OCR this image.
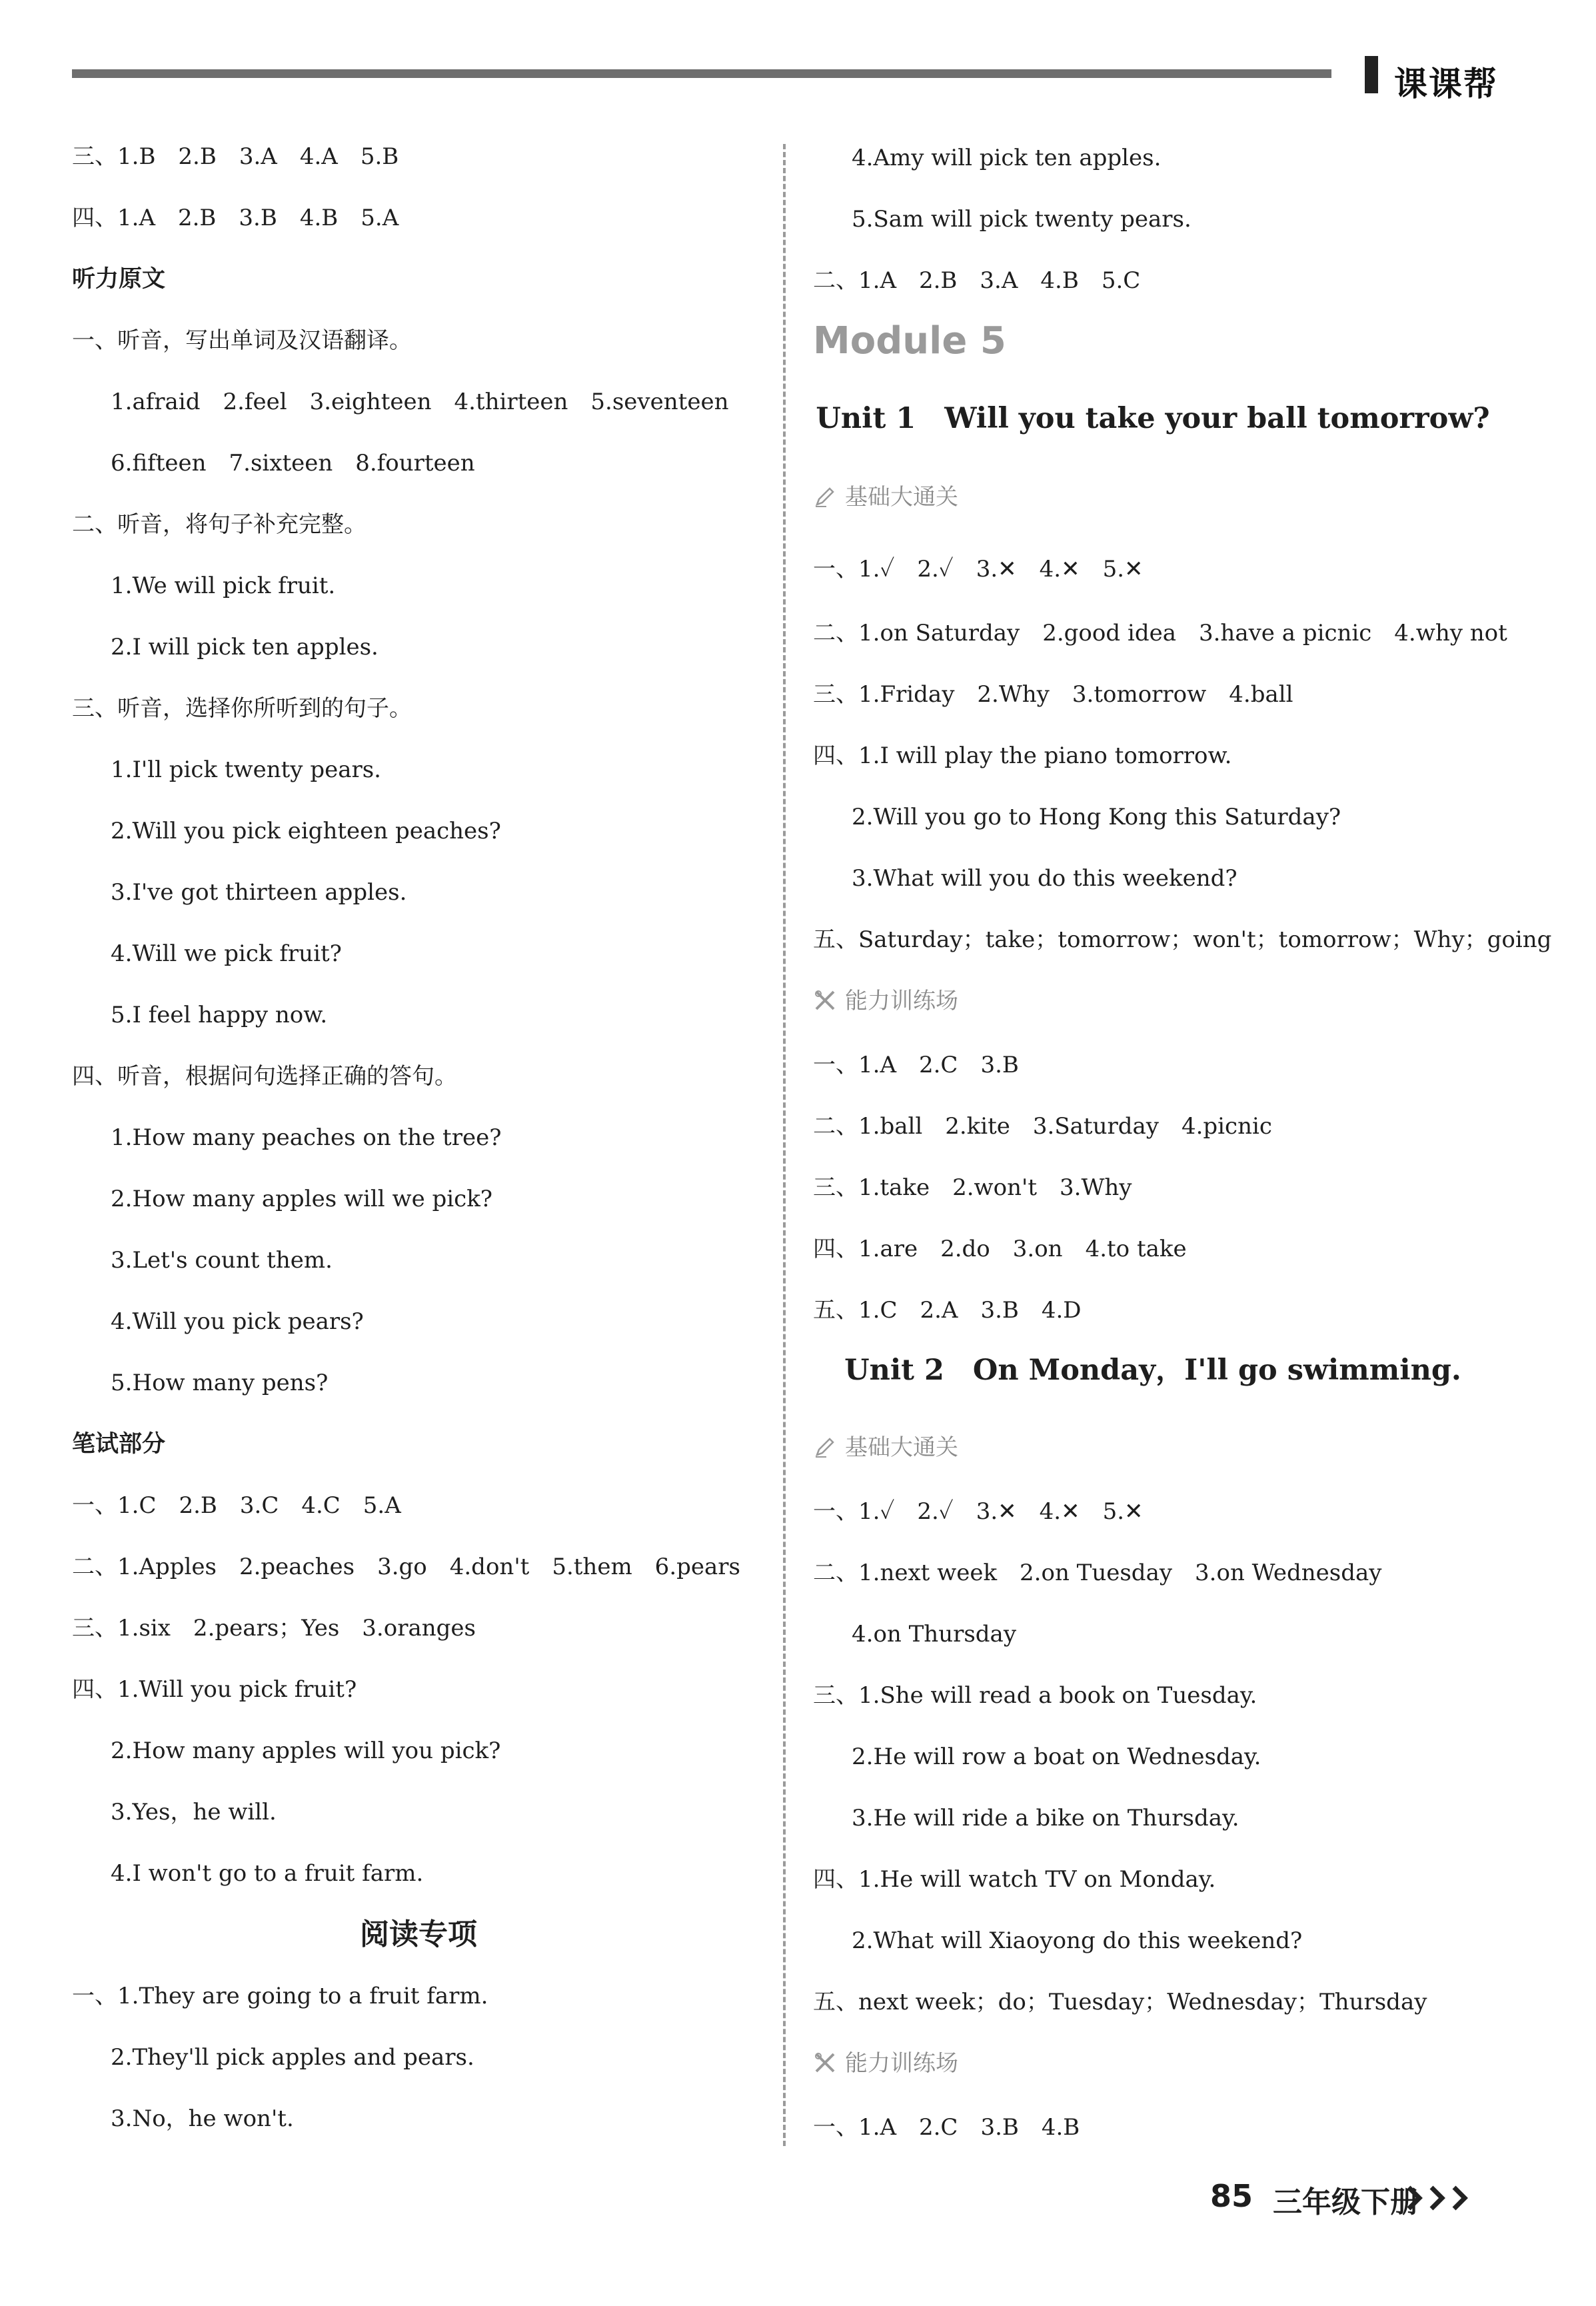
课课帮
三、1.B　2.B　3.A　4.A　5.B
四、1.A　2.B　3.B　4.B　5.A
听力原文
一、听音，写出单词及汉语翻译。
1.afraid　2.feel　3.eighteen　4.thirteen　5.seventeen
6.fifteen　7.sixteen　8.fourteen
二、听音，将句子补充完整。
1.We will pick fruit.
2.I will pick ten apples.
三、听音，选择你所听到的句子。
1.I'll pick twenty pears.
2.Will you pick eighteen peaches?
3.I've got thirteen apples.
4.Will we pick fruit?
5.I feel happy now.
四、听音，根据问句选择正确的答句。
1.How many peaches on the tree?
2.How many apples will we pick?
3.Let's count them.
4.Will you pick pears?
5.How many pens?
笔试部分
一、1.C　2.B　3.C　4.C　5.A
二、1.Apples　2.peaches　3.go　4.don't　5.them　6.pears
三、1.six　2.pears；Yes　3.oranges
四、1.Will you pick fruit?
2.How many apples will you pick?
3.Yes，he will.
4.I won't go to a fruit farm.
阅读专项
一、1.They are going to a fruit farm.
2.They'll pick apples and pears.
3.No，he won't.
4.Amy will pick ten apples.
5.Sam will pick twenty pears.
二、1.A　2.B　3.A　4.B　5.C
Module 5
Unit 1　Will you take your ball tomorrow?
基础大通关
一、1.✓　2.✓　3.✕　4.✕　5.✕
二、1.on Saturday　2.good idea　3.have a picnic　4.why not
三、1.Friday　2.Why　3.tomorrow　4.ball
四、1.I will play the piano tomorrow.
2.Will you go to Hong Kong this Saturday?
3.What will you do this weekend?
五、Saturday；take；tomorrow；won't；tomorrow；Why；going
能力训练场
一、1.A　2.C　3.B
二、1.ball　2.kite　3.Saturday　4.picnic
三、1.take　2.won't　3.Why
四、1.are　2.do　3.on　4.to take
五、1.C　2.A　3.B　4.D
Unit 2　On Monday，I'll go swimming.
基础大通关
一、1.✓　2.✓　3.✕　4.✕　5.✕
二、1.next week　2.on Tuesday　3.on Wednesday
4.on Thursday
三、1.She will read a book on Tuesday.
2.He will row a boat on Wednesday.
3.He will ride a bike on Thursday.
四、1.He will watch TV on Monday.
2.What will Xiaoyong do this weekend?
五、next week；do；Tuesday；Wednesday；Thursday
能力训练场
一、1.A　2.C　3.B　4.B
85 三年级下册
